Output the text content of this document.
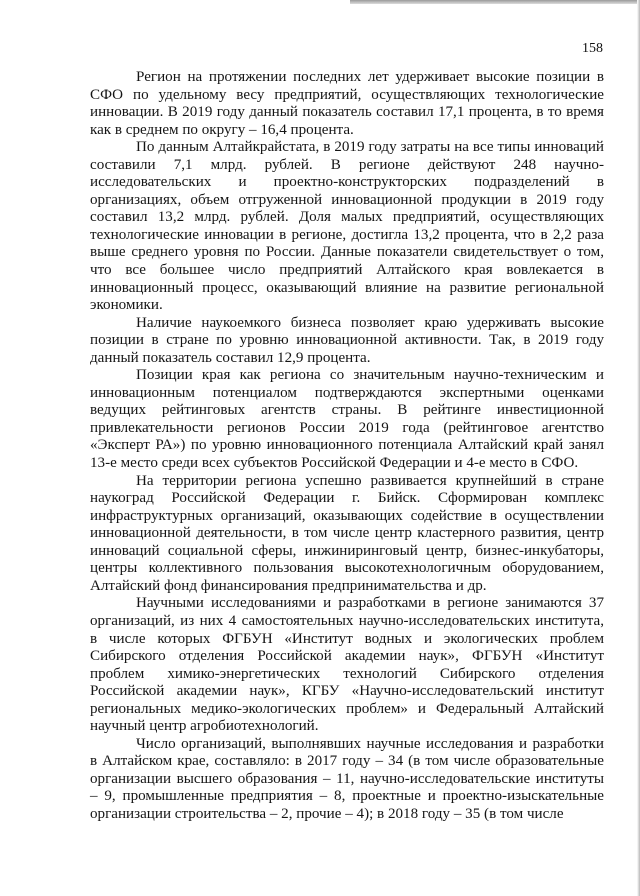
158

Регион на протяжении последних лет удерживает высокие позиции в СФО по удельному весу предприятий, осуществляющих технологические инновации. В 2019 году данный показатель составил 17,1 процента, в то время как в среднем по округу – 16,4 процента.

По данным Алтайкрайстата, в 2019 году затраты на все типы инноваций составили 7,1 млрд. рублей. В регионе действуют 248 научно-исследовательских и проектно-конструкторских подразделений в организациях, объем отгруженной инновационной продукции в 2019 году составил 13,2 млрд. рублей. Доля малых предприятий, осуществляющих технологические инновации в регионе, достигла 13,2 процента, что в 2,2 раза выше среднего уровня по России. Данные показатели свидетельствует о том, что все большее число предприятий Алтайского края вовлекается в инновационный процесс, оказывающий влияние на развитие региональной экономики.

Наличие наукоемкого бизнеса позволяет краю удерживать высокие позиции в стране по уровню инновационной активности. Так, в 2019 году данный показатель составил 12,9 процента.

Позиции края как региона со значительным научно-техническим и инновационным потенциалом подтверждаются экспертными оценками ведущих рейтинговых агентств страны. В рейтинге инвестиционной привлекательности регионов России 2019 года (рейтинговое агентство «Эксперт РА») по уровню инновационного потенциала Алтайский край занял 13-е место среди всех субъектов Российской Федерации и 4-е место в СФО.

На территории региона успешно развивается крупнейший в стране наукоград Российской Федерации г. Бийск. Сформирован комплекс инфраструктурных организаций, оказывающих содействие в осуществлении инновационной деятельности, в том числе центр кластерного развития, центр инноваций социальной сферы, инжиниринговый центр, бизнес-инкубаторы, центры коллективного пользования высокотехнологичным оборудованием, Алтайский фонд финансирования предпринимательства и др.

Научными исследованиями и разработками в регионе занимаются 37 организаций, из них 4 самостоятельных научно-исследовательских института, в числе которых ФГБУН «Институт водных и экологических проблем Сибирского отделения Российской академии наук», ФГБУН «Институт проблем химико-энергетических технологий Сибирского отделения Российской академии наук», КГБУ «Научно-исследовательский институт региональных медико-экологических проблем» и Федеральный Алтайский научный центр агробиотехнологий.

Число организаций, выполнявших научные исследования и разработки в Алтайском крае, составляло: в 2017 году – 34 (в том числе образовательные организации высшего образования – 11, научно-исследовательские институты – 9, промышленные предприятия – 8, проектные и проектно-изыскательные организации строительства – 2, прочие – 4); в 2018 году – 35 (в том числе
